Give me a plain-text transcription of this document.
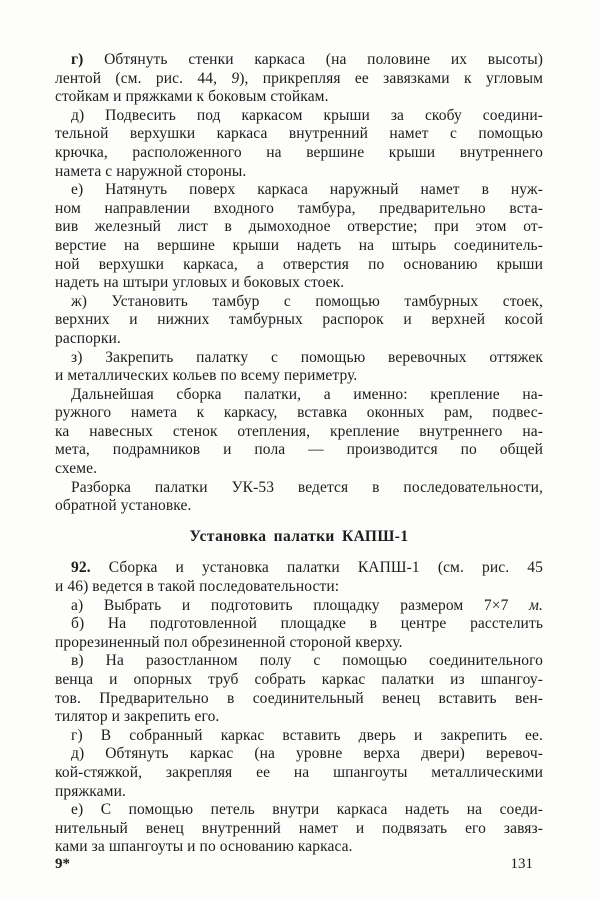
г) Обтянуть стенки каркаса (на половине их высоты)
лентой (см. рис. 44, 9), прикрепляя ее завязками к угловым
стойкам и пряжками к боковым стойкам.
д) Подвесить под каркасом крыши за скобу соедини-
тельной верхушки каркаса внутренний намет с помощью
крючка, расположенного на вершине крыши внутреннего
намета с наружной стороны.
е) Натянуть поверх каркаса наружный намет в нуж-
ном направлении входного тамбура, предварительно вста-
вив железный лист в дымоходное отверстие; при этом от-
верстие на вершине крыши надеть на штырь соединитель-
ной верхушки каркаса, а отверстия по основанию крыши
надеть на штыри угловых и боковых стоек.
ж) Установить тамбур с помощью тамбурных стоек,
верхних и нижних тамбурных распорок и верхней косой
распорки.
з) Закрепить палатку с помощью веревочных оттяжек
и металлических кольев по всему периметру.
Дальнейшая сборка палатки, а именно: крепление на-
ружного намета к каркасу, вставка оконных рам, подвес-
ка навесных стенок отепления, крепление внутреннего на-
мета, подрамников и пола — производится по общей
схеме.
Разборка палатки УК-53 ведется в последовательности,
обратной установке.
Установка палатки КАПШ-1
92. Сборка и установка палатки КАПШ-1 (см. рис. 45
и 46) ведется в такой последовательности:
а) Выбрать и подготовить площадку размером 7×7 м.
б) На подготовленной площадке в центре расстелить
прорезиненный пол обрезиненной стороной кверху.
в) На разостланном полу с помощью соединительного
венца и опорных труб собрать каркас палатки из шпангоу-
тов. Предварительно в соединительный венец вставить вен-
тилятор и закрепить его.
г) В собранный каркас вставить дверь и закрепить ее.
д) Обтянуть каркас (на уровне верха двери) веревоч-
кой-стяжкой, закрепляя ее на шпангоуты металлическими
пряжками.
е) С помощью петель внутри каркаса надеть на соеди-
нительный венец внутренний намет и подвязать его завяз-
ками за шпангоуты и по основанию каркаса.
9*	131
